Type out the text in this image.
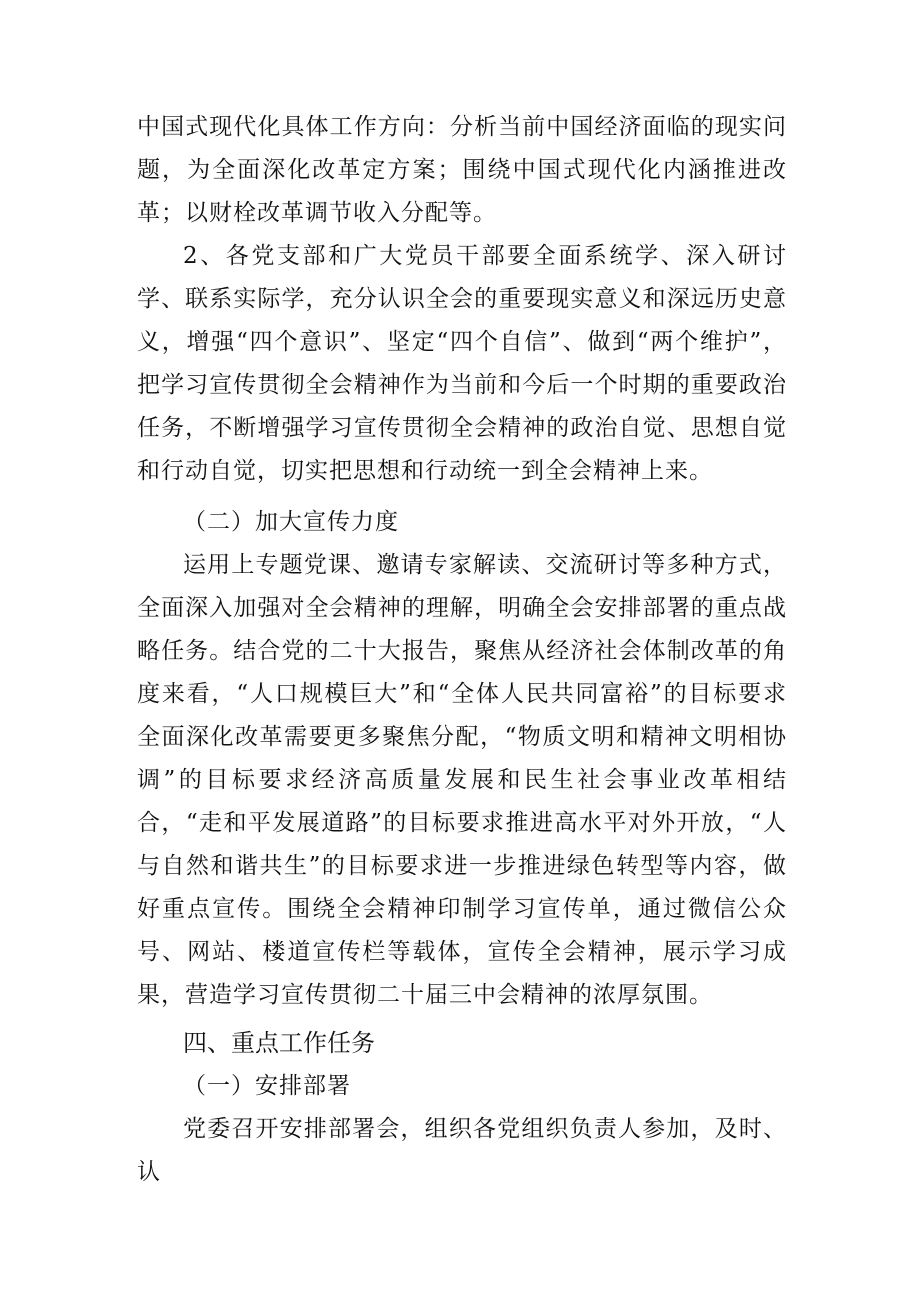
中国式现代化具体工作方向：分析当前中国经济面临的现实问题，为全面深化改革定方案；围绕中国式现代化内涵推进改革；以财栓改革调节收入分配等。

2、各党支部和广大党员干部要全面系统学、深入研讨学、联系实际学，充分认识全会的重要现实意义和深远历史意义，增强“四个意识”、坚定“四个自信”、做到“两个维护”，把学习宣传贯彻全会精神作为当前和今后一个时期的重要政治任务，不断增强学习宣传贯彻全会精神的政治自觉、思想自觉和行动自觉，切实把思想和行动统一到全会精神上来。

（二）加大宣传力度

运用上专题党课、邀请专家解读、交流研讨等多种方式，全面深入加强对全会精神的理解，明确全会安排部署的重点战略任务。结合党的二十大报告，聚焦从经济社会体制改革的角度来看，“人口规模巨大”和“全体人民共同富裕”的目标要求全面深化改革需要更多聚焦分配，“物质文明和精神文明相协调”的目标要求经济高质量发展和民生社会事业改革相结合，“走和平发展道路”的目标要求推进高水平对外开放，“人与自然和谐共生”的目标要求进一步推进绿色转型等内容，做好重点宣传。围绕全会精神印制学习宣传单，通过微信公众号、网站、楼道宣传栏等载体，宣传全会精神，展示学习成果，营造学习宣传贯彻二十届三中会精神的浓厚氛围。

四、重点工作任务

（一）安排部署

党委召开安排部署会，组织各党组织负责人参加，及时、认
